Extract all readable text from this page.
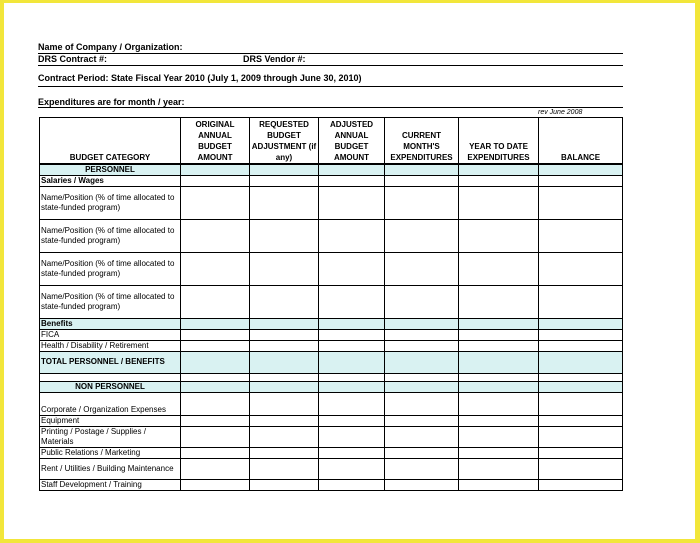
Name of Company / Organization:
DRS Contract #:	DRS Vendor #:
Contract Period: State Fiscal Year 2010 (July 1, 2009 through June 30, 2010)
Expenditures are for month / year:
rev June 2008
BUDGET CATEGORY	ORIGINAL ANNUAL BUDGET AMOUNT	REQUESTED BUDGET ADJUSTMENT (if any)	ADJUSTED ANNUAL BUDGET AMOUNT	CURRENT MONTH'S EXPENDITURES	YEAR TO DATE EXPENDITURES	BALANCE
PERSONNEL						
Salaries / Wages						
Name/Position (% of time allocated to state-funded program)						
Name/Position (% of time allocated to state-funded program)						
Name/Position (% of time allocated to state-funded program)						
Name/Position (% of time allocated to state-funded program)						
Benefits						
FICA						
Health / Disability / Retirement						
TOTAL PERSONNEL / BENEFITS						

NON PERSONNEL						
Corporate / Organization Expenses						
Equipment						
Printing / Postage / Supplies / Materials						
Public Relations / Marketing						
Rent / Utilities / Building Maintenance						
Staff Development / Training						
